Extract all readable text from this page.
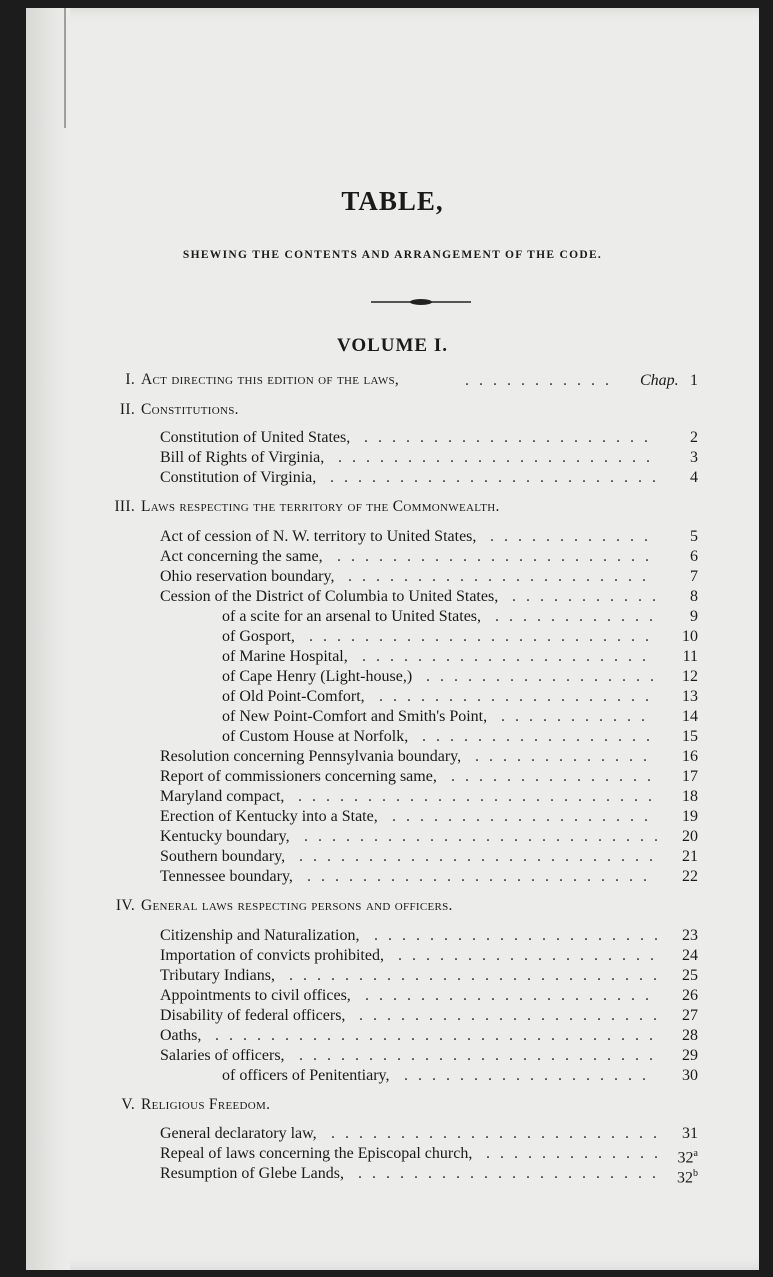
TABLE,
SHEWING THE CONTENTS AND ARRANGEMENT OF THE CODE.
VOLUME I.
I. Act directing this edition of the laws,	Chap. 1
...........
II. Constitutions.
Constitution of United States,	2
Bill of Rights of Virginia,	3
Constitution of Virginia,	4
III. Laws respecting the territory of the Commonwealth.
Act of cession of N. W. territory to United States,	5
Act concerning the same,	6
Ohio reservation boundary,	7
Cession of the District of Columbia to United States,	8
of a scite for an arsenal to United States,	9
of Gosport,	10
of Marine Hospital,	11
of Cape Henry (Light-house,)	12
of Old Point-Comfort,	13
of New Point-Comfort and Smith's Point,	14
of Custom House at Norfolk,	15
Resolution concerning Pennsylvania boundary,	16
Report of commissioners concerning same,	17
Maryland compact,	18
Erection of Kentucky into a State,	19
Kentucky boundary,	20
Southern boundary,	21
Tennessee boundary,	22
IV. General laws respecting persons and officers.
Citizenship and Naturalization,	23
Importation of convicts prohibited,	24
Tributary Indians,	25
Appointments to civil offices,	26
Disability of federal officers,	27
Oaths,	28
Salaries of officers,	29
of officers of Penitentiary,	30
V. Religious Freedom.
General declaratory law,	31
Repeal of laws concerning the Episcopal church,	32$^a$
Resumption of Glebe Lands,	32$^b$
.....................
.......................
........................
............
.......................
......................
...........
............
.........................
.....................
.................
....................
...........
.................
.............
...............
..........................
...................
..........................
..........................
.........................
.....................
...................
...........................
.....................
......................
................................
..........................
..................
........................
.............
......................
